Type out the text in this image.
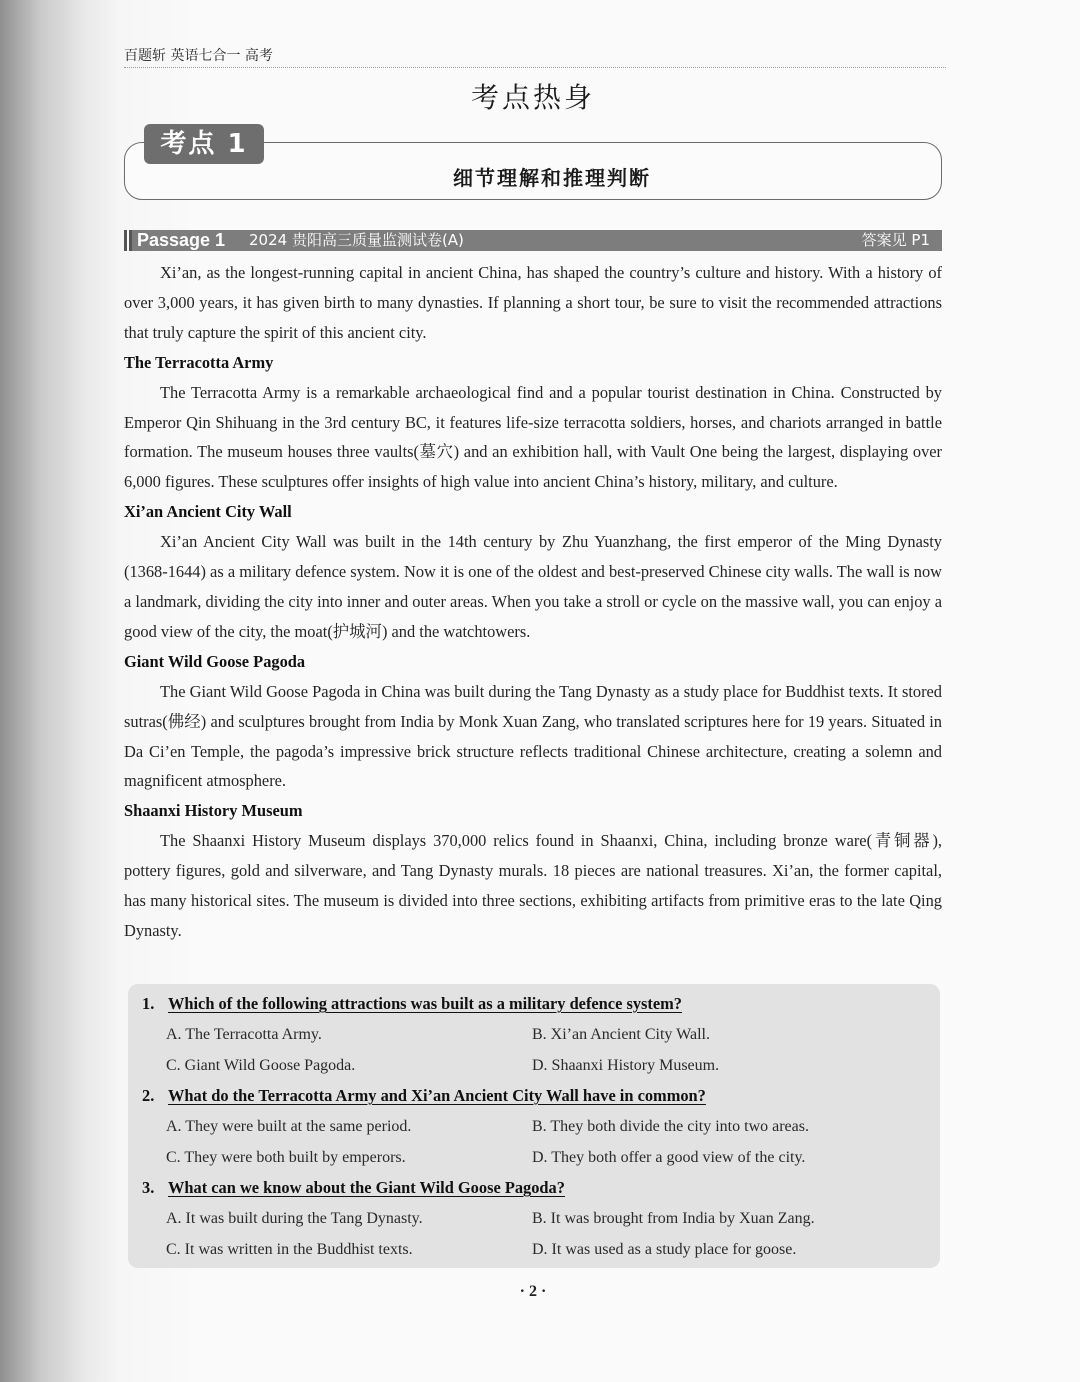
百题斩 英语七合一 高考
考点热身
考点 1
细节理解和推理判断
Passage 1 2024 贵阳高三质量监测试卷(A)	答案见 P1

Xi’an, as the longest-running capital in ancient China, has shaped the country’s culture and history. With a history of over 3,000 years, it has given birth to many dynasties. If planning a short tour, be sure to visit the recommended attractions that truly capture the spirit of this ancient city.

The Terracotta Army

The Terracotta Army is a remarkable archaeological find and a popular tourist destination in China. Constructed by Emperor Qin Shihuang in the 3rd century BC, it features life-size terracotta soldiers, horses, and chariots arranged in battle formation. The museum houses three vaults(墓穴) and an exhibition hall, with Vault One being the largest, displaying over 6,000 figures. These sculptures offer insights of high value into ancient China’s history, military, and culture.

Xi’an Ancient City Wall

Xi’an Ancient City Wall was built in the 14th century by Zhu Yuanzhang, the first emperor of the Ming Dynasty (1368-1644) as a military defence system. Now it is one of the oldest and best-preserved Chinese city walls. The wall is now a landmark, dividing the city into inner and outer areas. When you take a stroll or cycle on the massive wall, you can enjoy a good view of the city, the moat(护城河) and the watchtowers.

Giant Wild Goose Pagoda

The Giant Wild Goose Pagoda in China was built during the Tang Dynasty as a study place for Buddhist texts. It stored sutras(佛经) and sculptures brought from India by Monk Xuan Zang, who translated scriptures here for 19 years. Situated in Da Ci’en Temple, the pagoda’s impressive brick structure reflects traditional Chinese architecture, creating a solemn and magnificent atmosphere.

Shaanxi History Museum

The Shaanxi History Museum displays 370,000 relics found in Shaanxi, China, including bronze ware(青铜器), pottery figures, gold and silverware, and Tang Dynasty murals. 18 pieces are national treasures. Xi’an, the former capital, has many historical sites. The museum is divided into three sections, exhibiting artifacts from primitive eras to the late Qing Dynasty.

1. Which of the following attractions was built as a military defence system?
A. The Terracotta Army.	B. Xi’an Ancient City Wall.
C. Giant Wild Goose Pagoda.	D. Shaanxi History Museum.
2. What do the Terracotta Army and Xi’an Ancient City Wall have in common?
A. They were built at the same period.	B. They both divide the city into two areas.
C. They were both built by emperors.	D. They both offer a good view of the city.
3. What can we know about the Giant Wild Goose Pagoda?
A. It was built during the Tang Dynasty.	B. It was brought from India by Xuan Zang.
C. It was written in the Buddhist texts.	D. It was used as a study place for goose.
· 2 ·
